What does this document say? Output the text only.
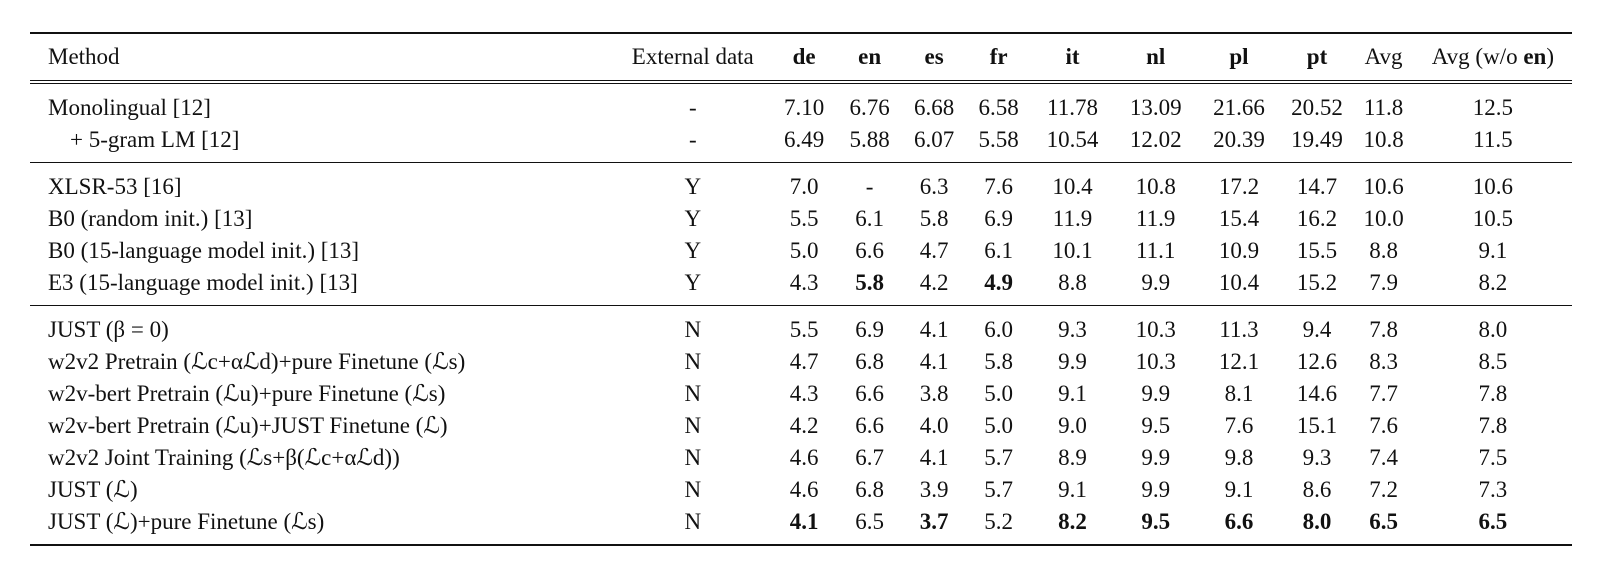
Method	External data	de	en	es	fr	it	nl	pl	pt	Avg	Avg (w/o en)
Monolingual [12]	-	7.10	6.76	6.68	6.58	11.78	13.09	21.66	20.52	11.8	12.5
+ 5-gram LM [12]	-	6.49	5.88	6.07	5.58	10.54	12.02	20.39	19.49	10.8	11.5
XLSR-53 [16]	Y	7.0	-	6.3	7.6	10.4	10.8	17.2	14.7	10.6	10.6
B0 (random init.) [13]	Y	5.5	6.1	5.8	6.9	11.9	11.9	15.4	16.2	10.0	10.5
B0 (15-language model init.) [13]	Y	5.0	6.6	4.7	6.1	10.1	11.1	10.9	15.5	8.8	9.1
E3 (15-language model init.) [13]	Y	4.3	5.8	4.2	4.9	8.8	9.9	10.4	15.2	7.9	8.2
JUST (β = 0)	N	5.5	6.9	4.1	6.0	9.3	10.3	11.3	9.4	7.8	8.0
w2v2 Pretrain (ℒc+αℒd)+pure Finetune (ℒs)	N	4.7	6.8	4.1	5.8	9.9	10.3	12.1	12.6	8.3	8.5
w2v-bert Pretrain (ℒu)+pure Finetune (ℒs)	N	4.3	6.6	3.8	5.0	9.1	9.9	8.1	14.6	7.7	7.8
w2v-bert Pretrain (ℒu)+JUST Finetune (ℒ)	N	4.2	6.6	4.0	5.0	9.0	9.5	7.6	15.1	7.6	7.8
w2v2 Joint Training (ℒs+β(ℒc+αℒd))	N	4.6	6.7	4.1	5.7	8.9	9.9	9.8	9.3	7.4	7.5
JUST (ℒ)	N	4.6	6.8	3.9	5.7	9.1	9.9	9.1	8.6	7.2	7.3
JUST (ℒ)+pure Finetune (ℒs)	N	4.1	6.5	3.7	5.2	8.2	9.5	6.6	8.0	6.5	6.5
